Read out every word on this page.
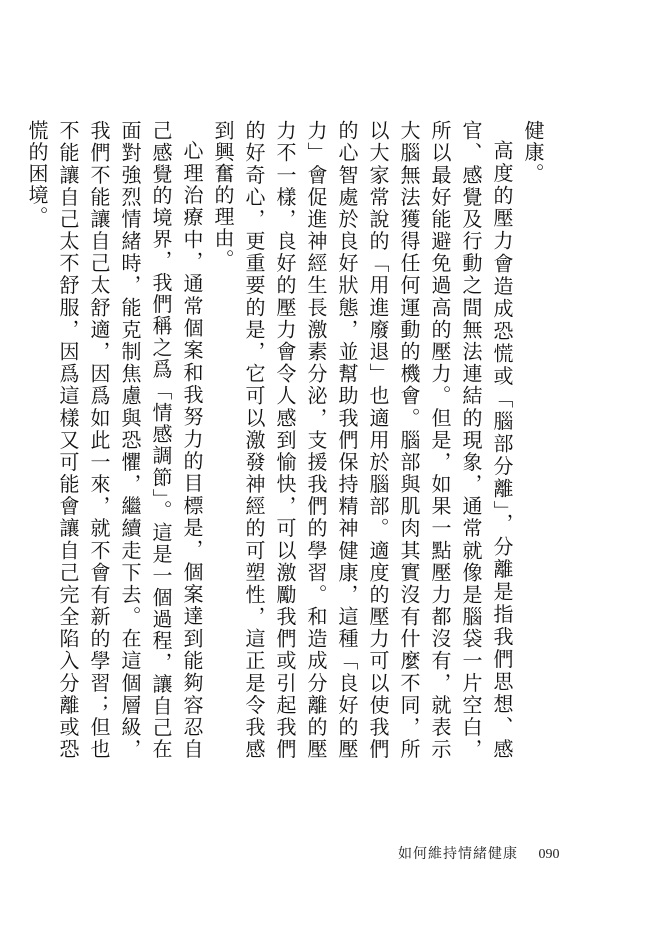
健康。

高度的壓力會造成恐慌或「腦部分離」，分離是指我們思想、感官、感覺及行動之間無法連結的現象，通常就像是腦袋一片空白，所以最好能避免過高的壓力。但是，如果一點壓力都沒有，就表示大腦無法獲得任何運動的機會。腦部與肌肉其實沒有什麼不同，所以大家常說的「用進廢退」也適用於腦部。適度的壓力可以使我們的心智處於良好狀態，並幫助我們保持精神健康，這種「良好的壓力」會促進神經生長激素分泌，支援我們的學習。和造成分離的壓力不一樣，良好的壓力會令人感到愉快，可以激勵我們或引起我們的好奇心，更重要的是，它可以激發神經的可塑性，這正是令我感到興奮的理由。

心理治療中，通常個案和我努力的目標是，個案達到能夠容忍自己感覺的境界，我們稱之爲「情感調節」。這是一個過程，讓自己在面對強烈情緒時，能克制焦慮與恐懼，繼續走下去。在這個層級，我們不能讓自己太舒適，因爲如此一來，就不會有新的學習；但也不能讓自己太不舒服，因爲這樣又可能會讓自己完全陷入分離或恐慌的困境。

如何維持情緒健康 090
